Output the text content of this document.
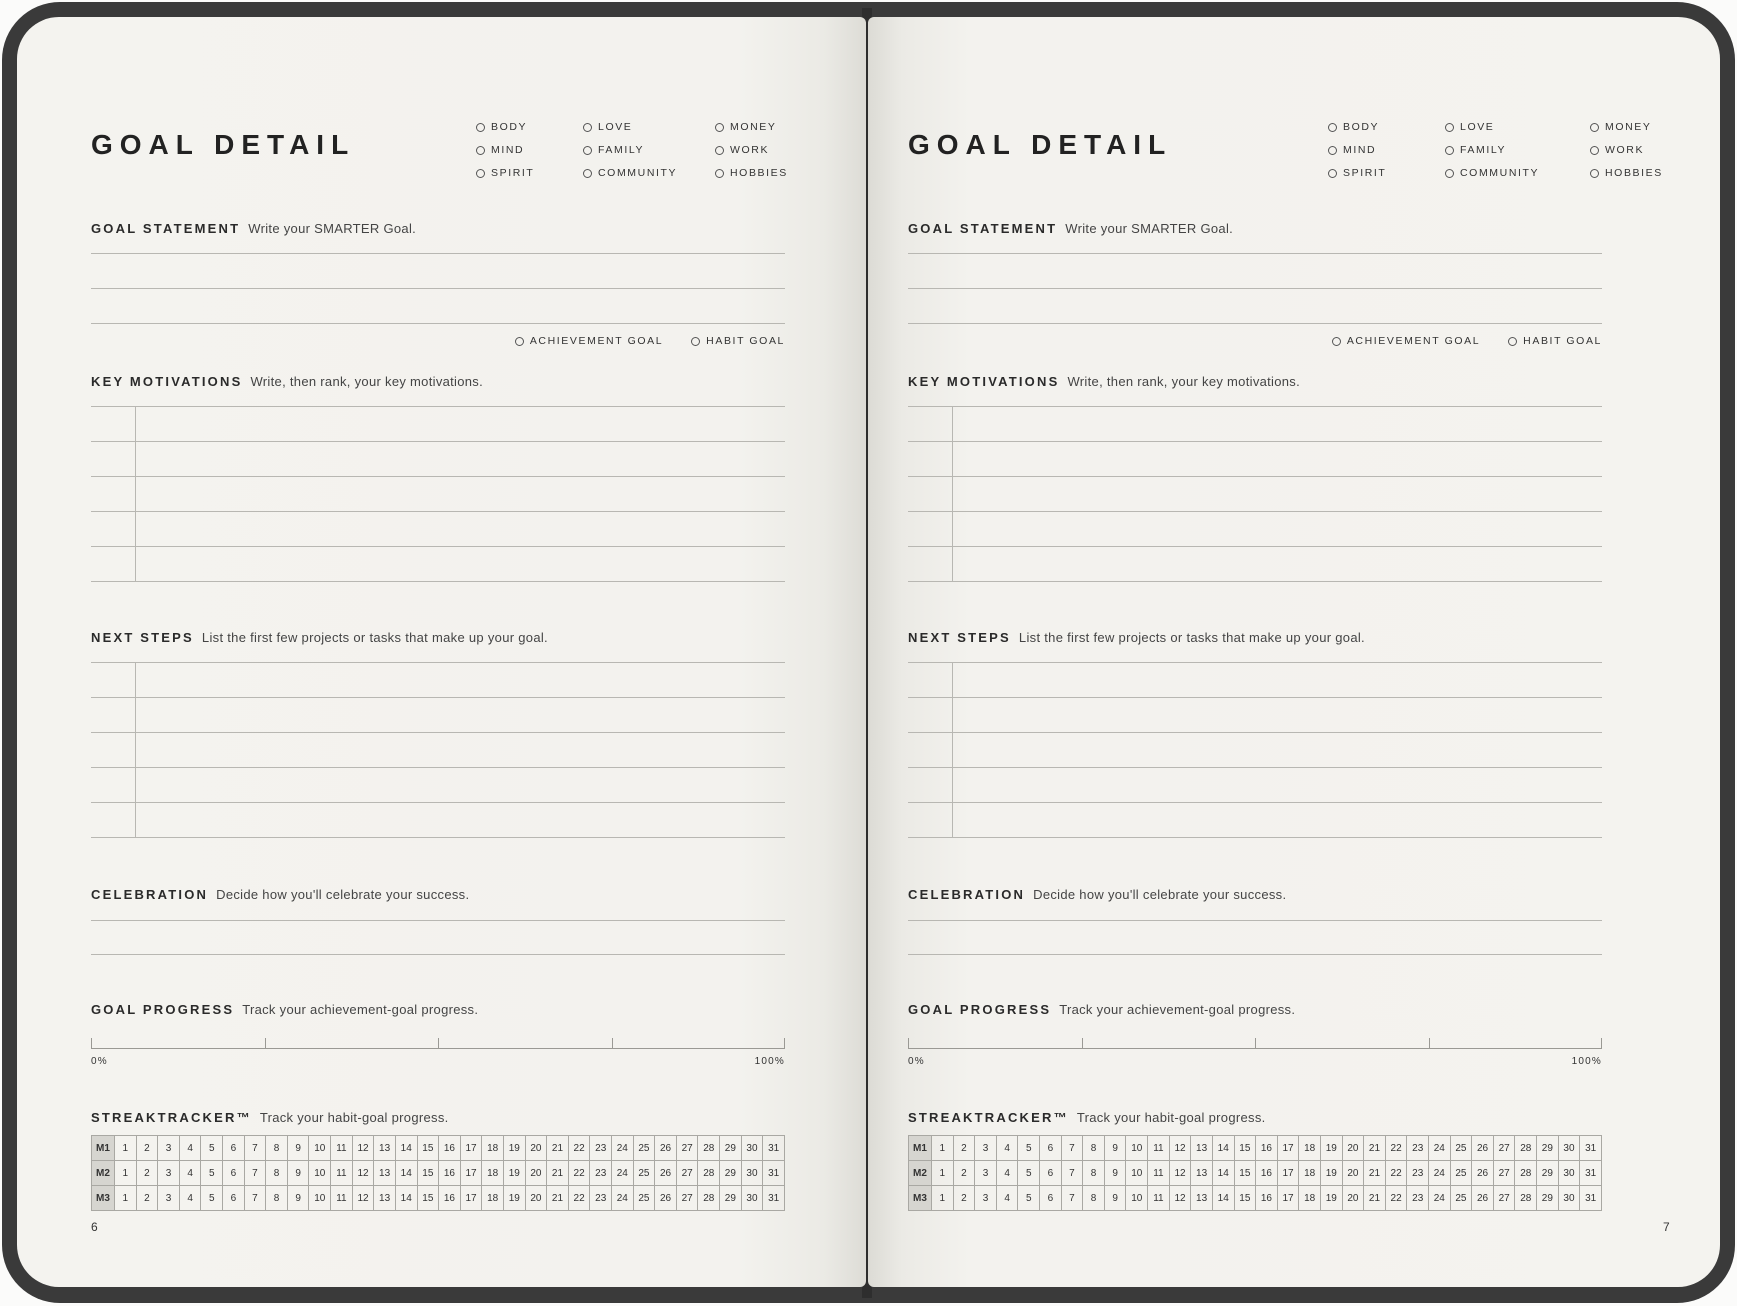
GOAL DETAIL
BODY	LOVE	MONEY
MIND	FAMILY	WORK
SPIRIT	COMMUNITY	HOBBIES
GOAL STATEMENT Write your SMARTER Goal.
ACHIEVEMENT GOAL	HABIT GOAL
KEY MOTIVATIONS Write, then rank, your key motivations.
NEXT STEPS List the first few projects or tasks that make up your goal.
CELEBRATION Decide how you'll celebrate your success.
GOAL PROGRESS Track your achievement-goal progress.
0%	100%
STREAKTRACKER™ Track your habit-goal progress.
M1	1	2	3	4	5	6	7	8	9	10	11	12	13	14	15	16	17	18	19	20	21	22	23	24	25	26	27	28	29	30	31
M2	1	2	3	4	5	6	7	8	9	10	11	12	13	14	15	16	17	18	19	20	21	22	23	24	25	26	27	28	29	30	31
M3	1	2	3	4	5	6	7	8	9	10	11	12	13	14	15	16	17	18	19	20	21	22	23	24	25	26	27	28	29	30	31
6
GOAL DETAIL
BODY	LOVE	MONEY
MIND	FAMILY	WORK
SPIRIT	COMMUNITY	HOBBIES
GOAL STATEMENT Write your SMARTER Goal.
ACHIEVEMENT GOAL	HABIT GOAL
KEY MOTIVATIONS Write, then rank, your key motivations.
NEXT STEPS List the first few projects or tasks that make up your goal.
CELEBRATION Decide how you'll celebrate your success.
GOAL PROGRESS Track your achievement-goal progress.
0%	100%
STREAKTRACKER™ Track your habit-goal progress.
M1	1	2	3	4	5	6	7	8	9	10	11	12	13	14	15	16	17	18	19	20	21	22	23	24	25	26	27	28	29	30	31
M2	1	2	3	4	5	6	7	8	9	10	11	12	13	14	15	16	17	18	19	20	21	22	23	24	25	26	27	28	29	30	31
M3	1	2	3	4	5	6	7	8	9	10	11	12	13	14	15	16	17	18	19	20	21	22	23	24	25	26	27	28	29	30	31
7
